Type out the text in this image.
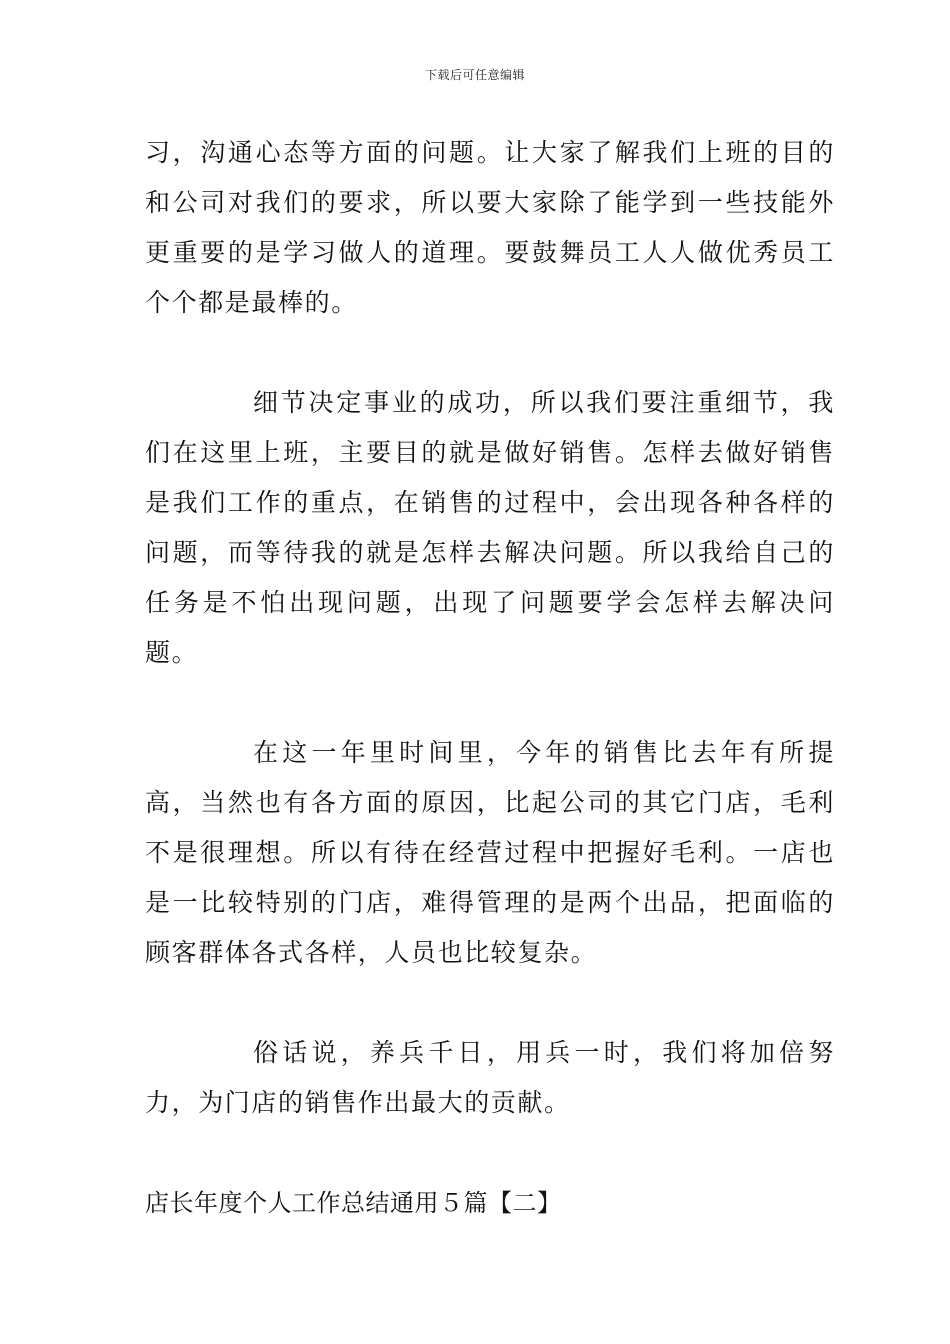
下载后可任意编辑

习，沟通心态等方面的问题。让大家了解我们上班的目的和公司对我们的要求，所以要大家除了能学到一些技能外更重要的是学习做人的道理。要鼓舞员工人人做优秀员工个个都是最棒的。

细节决定事业的成功，所以我们要注重细节，我们在这里上班，主要目的就是做好销售。怎样去做好销售是我们工作的重点，在销售的过程中，会出现各种各样的问题，而等待我的就是怎样去解决问题。所以我给自己的任务是不怕出现问题，出现了问题要学会怎样去解决问题。

在这一年里时间里，今年的销售比去年有所提高，当然也有各方面的原因，比起公司的其它门店，毛利不是很理想。所以有待在经营过程中把握好毛利。一店也是一比较特别的门店，难得管理的是两个出品，把面临的顾客群体各式各样，人员也比较复杂。

俗话说，养兵千日，用兵一时，我们将加倍努力，为门店的销售作出最大的贡献。

店长年度个人工作总结通用５篇【二】
